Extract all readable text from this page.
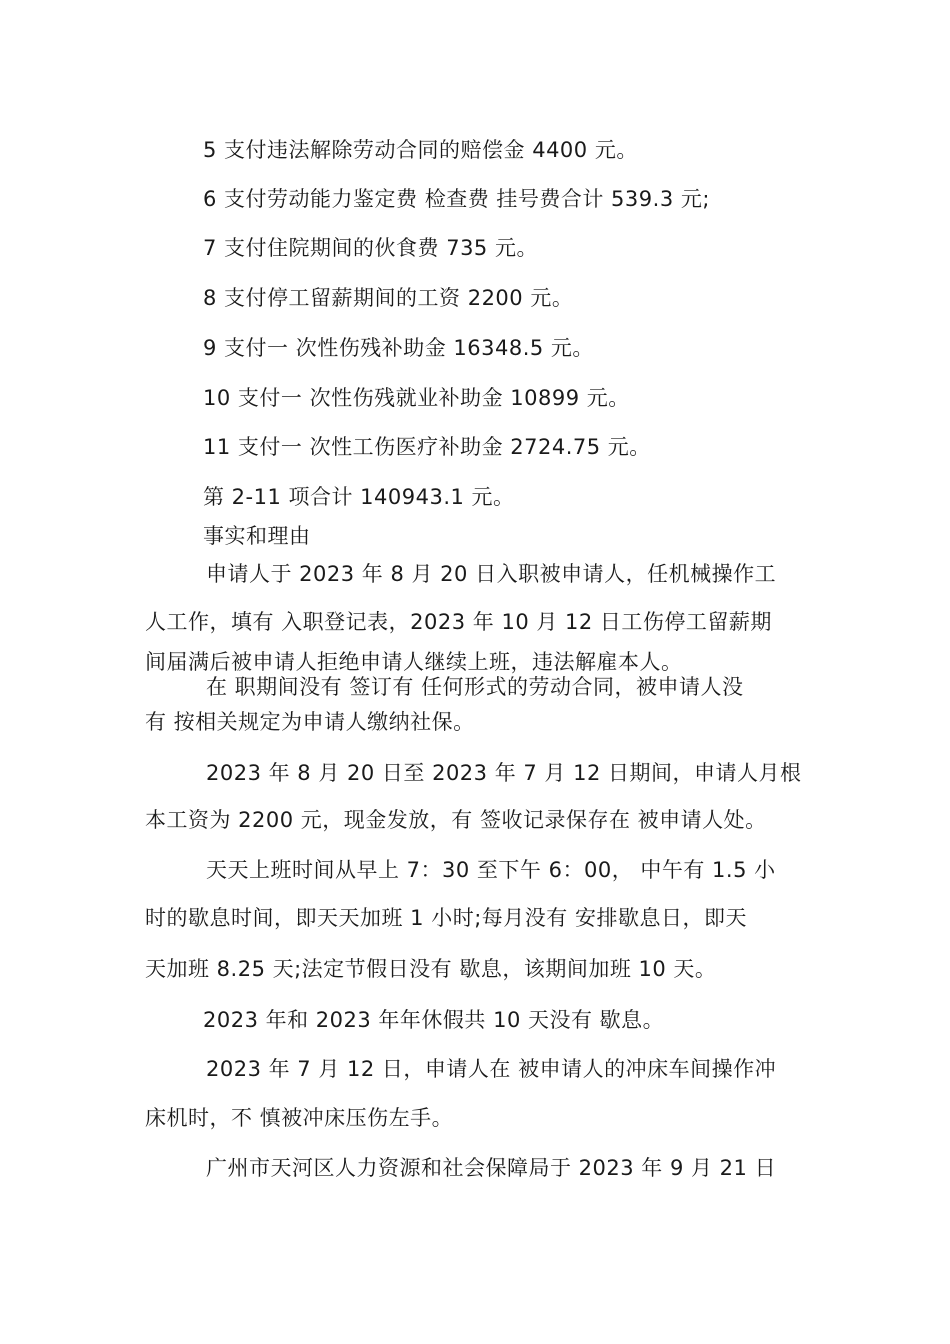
5 支付违法解除劳动合同的赔偿金 4400 元。
6 支付劳动能力鉴定费 检查费 挂号费合计 539.3 元;
7 支付住院期间的伙食费 735 元。
8 支付停工留薪期间的工资 2200 元。
9 支付一 次性伤残补助金 16348.5 元。
10 支付一 次性伤残就业补助金 10899 元。
11 支付一 次性工伤医疗补助金 2724.75 元。
第 2-11 项合计 140943.1 元。
事实和理由
申请人于 2023 年 8 月 20 日入职被申请人，任机械操作工
人工作，填有 入职登记表，2023 年 10 月 12 日工伤停工留薪期
间届满后被申请人拒绝申请人继续上班，违法解雇本人。
在 职期间没有 签订有 任何形式的劳动合同，被申请人没
有 按相关规定为申请人缴纳社保。
2023 年 8 月 20 日至 2023 年 7 月 12 日期间，申请人月根
本工资为 2200 元，现金发放，有 签收记录保存在 被申请人处。
天天上班时间从早上 7：30 至下午 6：00， 中午有 1.5 小
时的歇息时间，即天天加班 1 小时;每月没有 安排歇息日，即天
天加班 8.25 天;法定节假日没有 歇息，该期间加班 10 天。
2023 年和 2023 年年休假共 10 天没有 歇息。
2023 年 7 月 12 日，申请人在 被申请人的冲床车间操作冲
床机时，不 慎被冲床压伤左手。
广州市天河区人力资源和社会保障局于 2023 年 9 月 21 日
